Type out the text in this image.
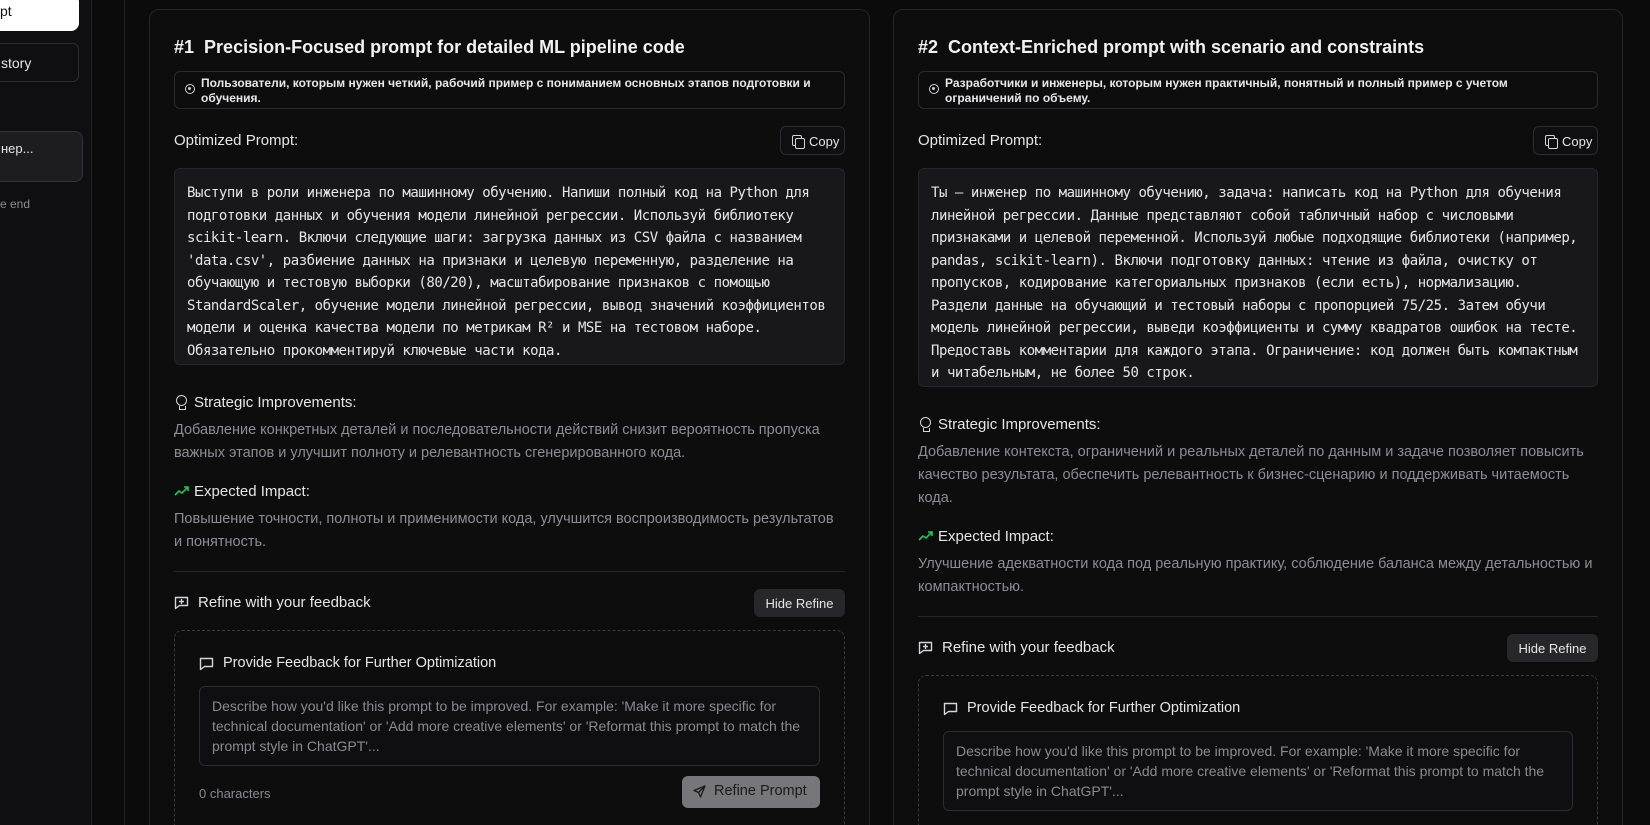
pt
story
нер...
e end
#1 Precision-Focused prompt for detailed ML pipeline code
Пользователи, которым нужен четкий, рабочий пример с пониманием основных этапов подготовки и обучения.
Optimized Prompt:	Copy
Выступи в роли инженера по машинному обучению. Напиши полный код на Python для подготовки данных и обучения модели линейной регрессии. Используй библиотеку scikit-learn. Включи следующие шаги: загрузка данных из CSV файла с названием 'data.csv', разбиение данных на признаки и целевую переменную, разделение на обучающую и тестовую выборки (80/20), масштабирование признаков с помощью StandardScaler, обучение модели линейной регрессии, вывод значений коэффициентов модели и оценка качества модели по метрикам R² и MSE на тестовом наборе. Обязательно прокомментируй ключевые части кода.
Strategic Improvements:
Добавление конкретных деталей и последовательности действий снизит вероятность пропуска важных этапов и улучшит полноту и релевантность сгенерированного кода.
Expected Impact:
Повышение точности, полноты и применимости кода, улучшится воспроизводимость результатов и понятность.
Refine with your feedback	Hide Refine
Provide Feedback for Further Optimization
Describe how you'd like this prompt to be improved. For example: 'Make it more specific for technical documentation' or 'Add more creative elements' or 'Reformat this prompt to match the prompt style in ChatGPT'...
0 characters	Refine Prompt
#2 Context-Enriched prompt with scenario and constraints
Разработчики и инженеры, которым нужен практичный, понятный и полный пример с учетом ограничений по объему.
Optimized Prompt:	Copy
Ты — инженер по машинному обучению, задача: написать код на Python для обучения линейной регрессии. Данные представляют собой табличный набор с числовыми признаками и целевой переменной. Используй любые подходящие библиотеки (например, pandas, scikit-learn). Включи подготовку данных: чтение из файла, очистку от пропусков, кодирование категориальных признаков (если есть), нормализацию. Раздели данные на обучающий и тестовый наборы с пропорцией 75/25. Затем обучи модель линейной регрессии, выведи коэффициенты и сумму квадратов ошибок на тесте. Предоставь комментарии для каждого этапа. Ограничение: код должен быть компактным и читабельным, не более 50 строк.
Strategic Improvements:
Добавление контекста, ограничений и реальных деталей по данным и задаче позволяет повысить качество результата, обеспечить релевантность к бизнес-сценарию и поддерживать читаемость кода.
Expected Impact:
Улучшение адекватности кода под реальную практику, соблюдение баланса между детальностью и компактностью.
Refine with your feedback	Hide Refine
Provide Feedback for Further Optimization
Describe how you'd like this prompt to be improved. For example: 'Make it more specific for technical documentation' or 'Add more creative elements' or 'Reformat this prompt to match the prompt style in ChatGPT'...
